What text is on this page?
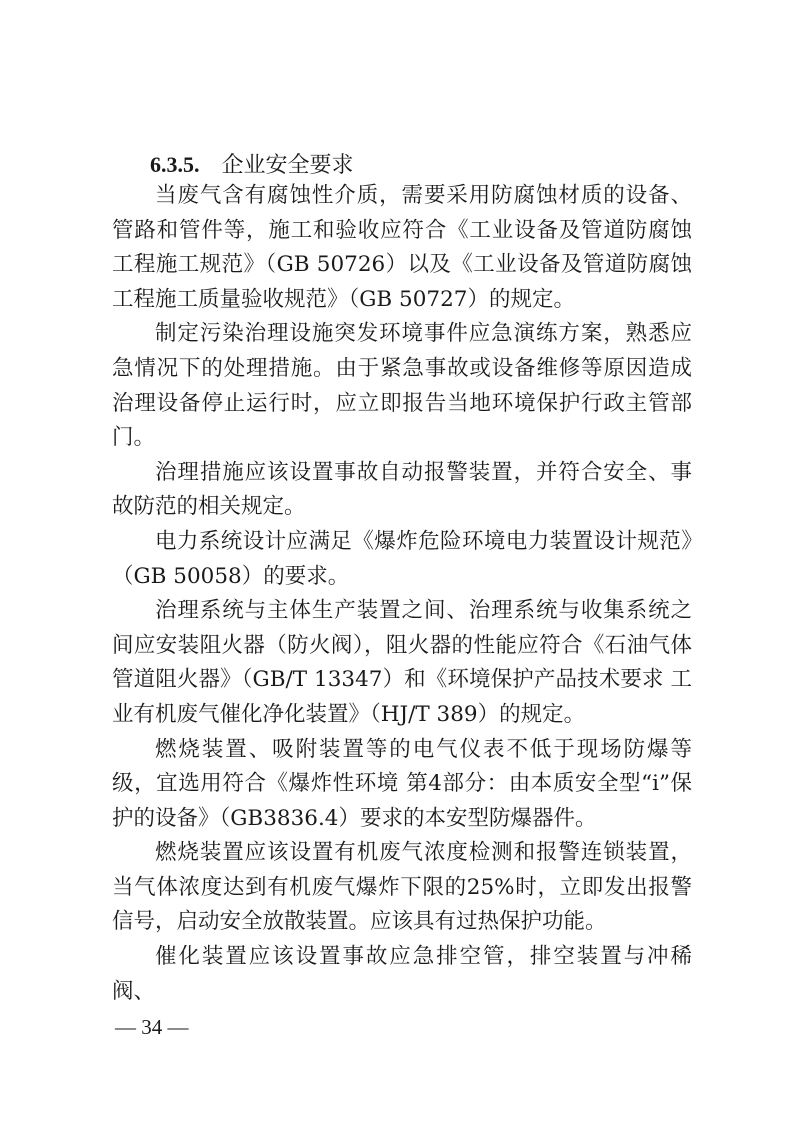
6.3.5. 企业安全要求

当废气含有腐蚀性介质，需要采用防腐蚀材质的设备、管路和管件等，施工和验收应符合《工业设备及管道防腐蚀工程施工规范》（GB 50726）以及《工业设备及管道防腐蚀工程施工质量验收规范》（GB 50727）的规定。

制定污染治理设施突发环境事件应急演练方案，熟悉应急情况下的处理措施。由于紧急事故或设备维修等原因造成治理设备停止运行时，应立即报告当地环境保护行政主管部门。

治理措施应该设置事故自动报警装置，并符合安全、事故防范的相关规定。

电力系统设计应满足《爆炸危险环境电力装置设计规范》（GB 50058）的要求。

治理系统与主体生产装置之间、治理系统与收集系统之间应安装阻火器（防火阀），阻火器的性能应符合《石油气体管道阻火器》（GB/T 13347）和《环境保护产品技术要求 工业有机废气催化净化装置》（HJ/T 389）的规定。

燃烧装置、吸附装置等的电气仪表不低于现场防爆等级，宜选用符合《爆炸性环境 第4部分：由本质安全型“i”保护的设备》（GB3836.4）要求的本安型防爆器件。

燃烧装置应该设置有机废气浓度检测和报警连锁装置，当气体浓度达到有机废气爆炸下限的25%时，立即发出报警信号，启动安全放散装置。应该具有过热保护功能。

催化装置应该设置事故应急排空管，排空装置与冲稀阀、

— 34 —
